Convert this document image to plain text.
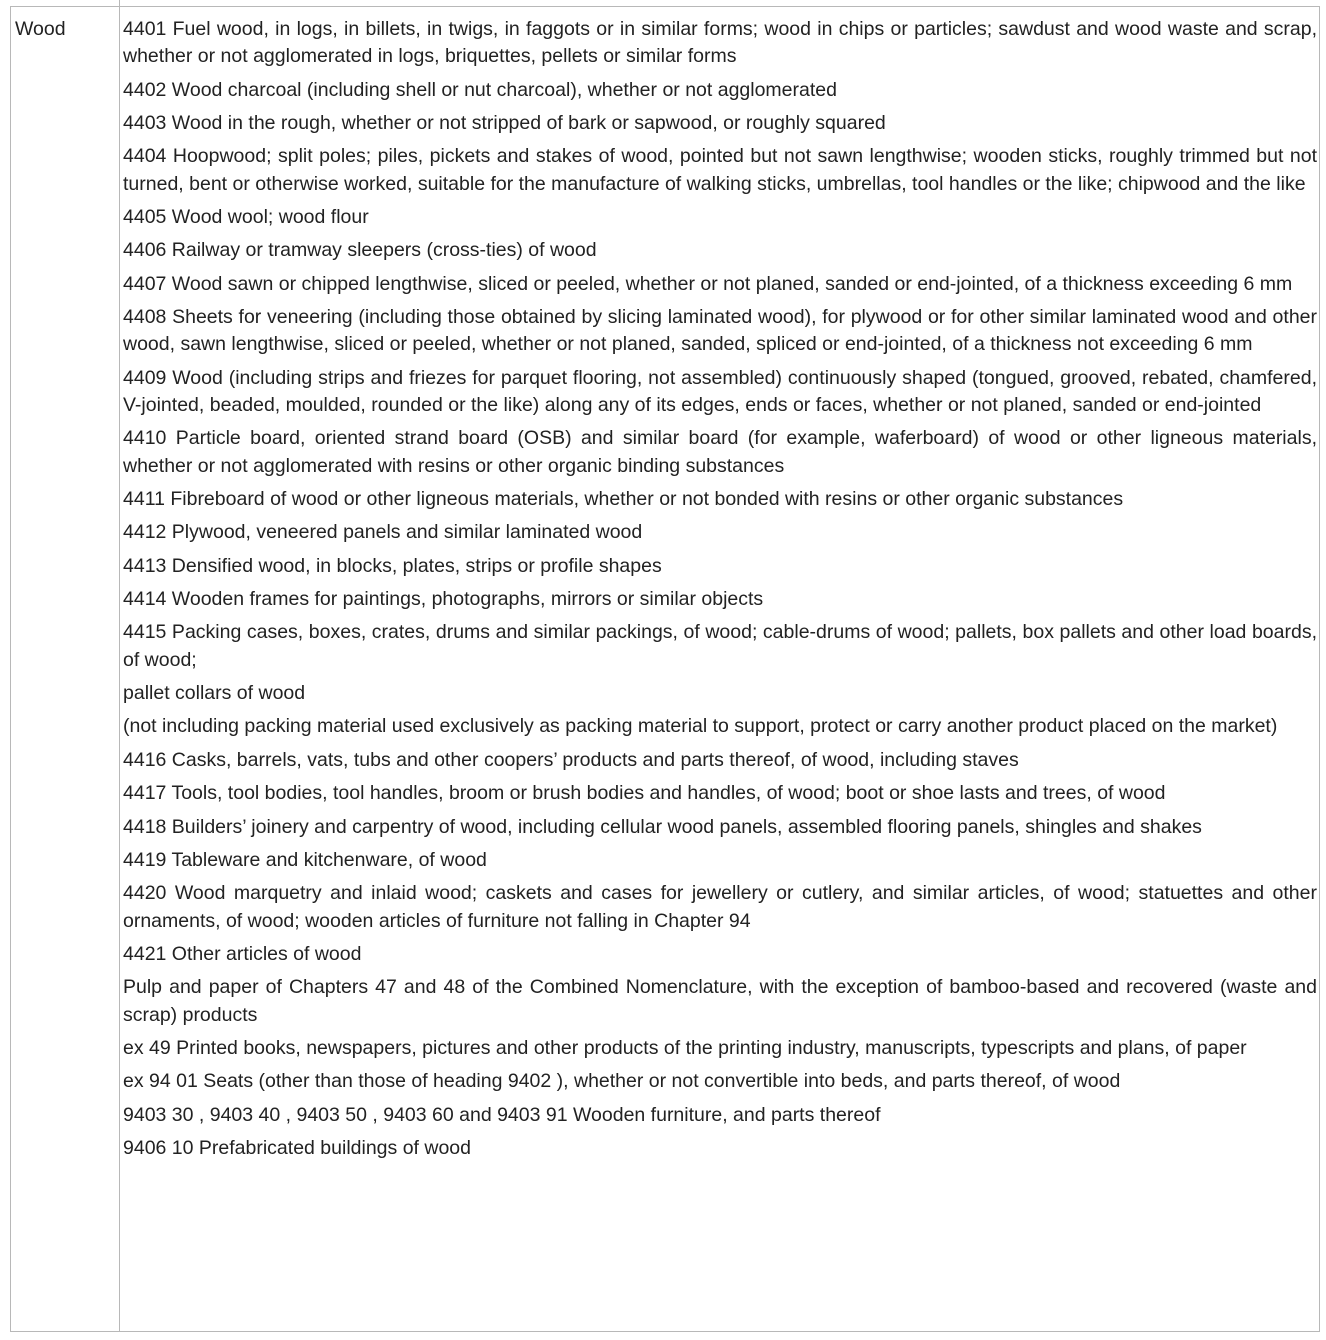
Wood	4401 Fuel wood, in logs, in billets, in twigs, in faggots or in similar forms; wood in chips or particles; sawdust and wood waste and scrap, whether or not agglomerated in logs, briquettes, pellets or similar forms

4402 Wood charcoal (including shell or nut charcoal), whether or not agglomerated

4403 Wood in the rough, whether or not stripped of bark or sapwood, or roughly squared

4404 Hoopwood; split poles; piles, pickets and stakes of wood, pointed but not sawn lengthwise; wooden sticks, roughly trimmed but not turned, bent or otherwise worked, suitable for the manufacture of walking sticks, umbrellas, tool handles or the like; chipwood and the like

4405 Wood wool; wood flour

4406 Railway or tramway sleepers (cross-ties) of wood

4407 Wood sawn or chipped lengthwise, sliced or peeled, whether or not planed, sanded or end-jointed, of a thickness exceeding 6 mm

4408 Sheets for veneering (including those obtained by slicing laminated wood), for plywood or for other similar laminated wood and other wood, sawn lengthwise, sliced or peeled, whether or not planed, sanded, spliced or end-jointed, of a thickness not exceeding 6 mm

4409 Wood (including strips and friezes for parquet flooring, not assembled) continuously shaped (tongued, grooved, rebated, chamfered, V-jointed, beaded, moulded, rounded or the like) along any of its edges, ends or faces, whether or not planed, sanded or end-jointed

4410 Particle board, oriented strand board (OSB) and similar board (for example, waferboard) of wood or other ligneous materials, whether or not agglomerated with resins or other organic binding substances

4411 Fibreboard of wood or other ligneous materials, whether or not bonded with resins or other organic substances

4412 Plywood, veneered panels and similar laminated wood

4413 Densified wood, in blocks, plates, strips or profile shapes

4414 Wooden frames for paintings, photographs, mirrors or similar objects

4415 Packing cases, boxes, crates, drums and similar packings, of wood; cable-drums of wood; pallets, box pallets and other load boards, of wood;

pallet collars of wood

(not including packing material used exclusively as packing material to support, protect or carry another product placed on the market)

4416 Casks, barrels, vats, tubs and other coopers’ products and parts thereof, of wood, including staves

4417 Tools, tool bodies, tool handles, broom or brush bodies and handles, of wood; boot or shoe lasts and trees, of wood

4418 Builders’ joinery and carpentry of wood, including cellular wood panels, assembled flooring panels, shingles and shakes

4419 Tableware and kitchenware, of wood

4420 Wood marquetry and inlaid wood; caskets and cases for jewellery or cutlery, and similar articles, of wood; statuettes and other ornaments, of wood; wooden articles of furniture not falling in Chapter 94

4421 Other articles of wood

Pulp and paper of Chapters 47 and 48 of the Combined Nomenclature, with the exception of bamboo-based and recovered (waste and scrap) products

ex 49 Printed books, newspapers, pictures and other products of the printing industry, manuscripts, typescripts and plans, of paper

ex 94 01 Seats (other than those of heading 9402 ), whether or not convertible into beds, and parts thereof, of wood

9403 30 , 9403 40 , 9403 50 , 9403 60 and 9403 91 Wooden furniture, and parts thereof

9406 10 Prefabricated buildings of wood
